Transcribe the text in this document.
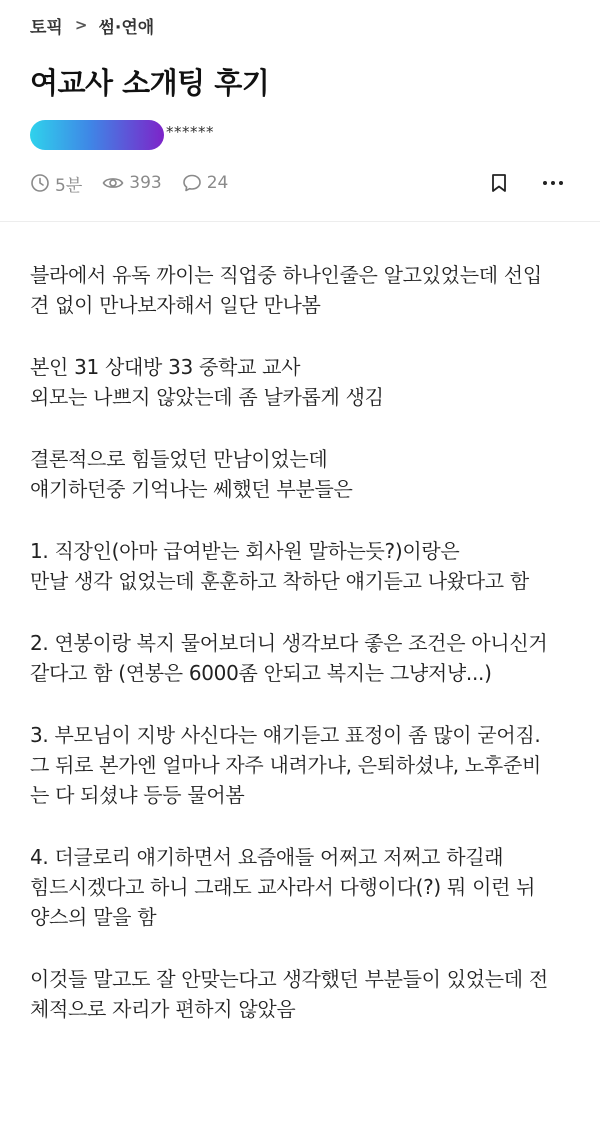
토픽 > 썸·연애
여교사 소개팅 후기
******
5분	393	24
블라에서 유독 까이는 직업중 하나인줄은 알고있었는데 선입
견 없이 만나보자해서 일단 만나봄
본인 31 상대방 33 중학교 교사
외모는 나쁘지 않았는데 좀 날카롭게 생김
결론적으로 힘들었던 만남이었는데
얘기하던중 기억나는 쎄했던 부분들은
1. 직장인(아마 급여받는 회사원 말하는듯?)이랑은
만날 생각 없었는데 훈훈하고 착하단 얘기듣고 나왔다고 함
2. 연봉이랑 복지 물어보더니 생각보다 좋은 조건은 아니신거
같다고 함 (연봉은 6000좀 안되고 복지는 그냥저냥...)
3. 부모님이 지방 사신다는 얘기듣고 표정이 좀 많이 굳어짐.
그 뒤로 본가엔 얼마나 자주 내려가냐, 은퇴하셨냐, 노후준비
는 다 되셨냐 등등 물어봄
4. 더글로리 얘기하면서 요즘애들 어쩌고 저쩌고 하길래
힘드시겠다고 하니 그래도 교사라서 다행이다(?) 뭐 이런 뉘
양스의 말을 함
이것들 말고도 잘 안맞는다고 생각했던 부분들이 있었는데 전
체적으로 자리가 편하지 않았음
